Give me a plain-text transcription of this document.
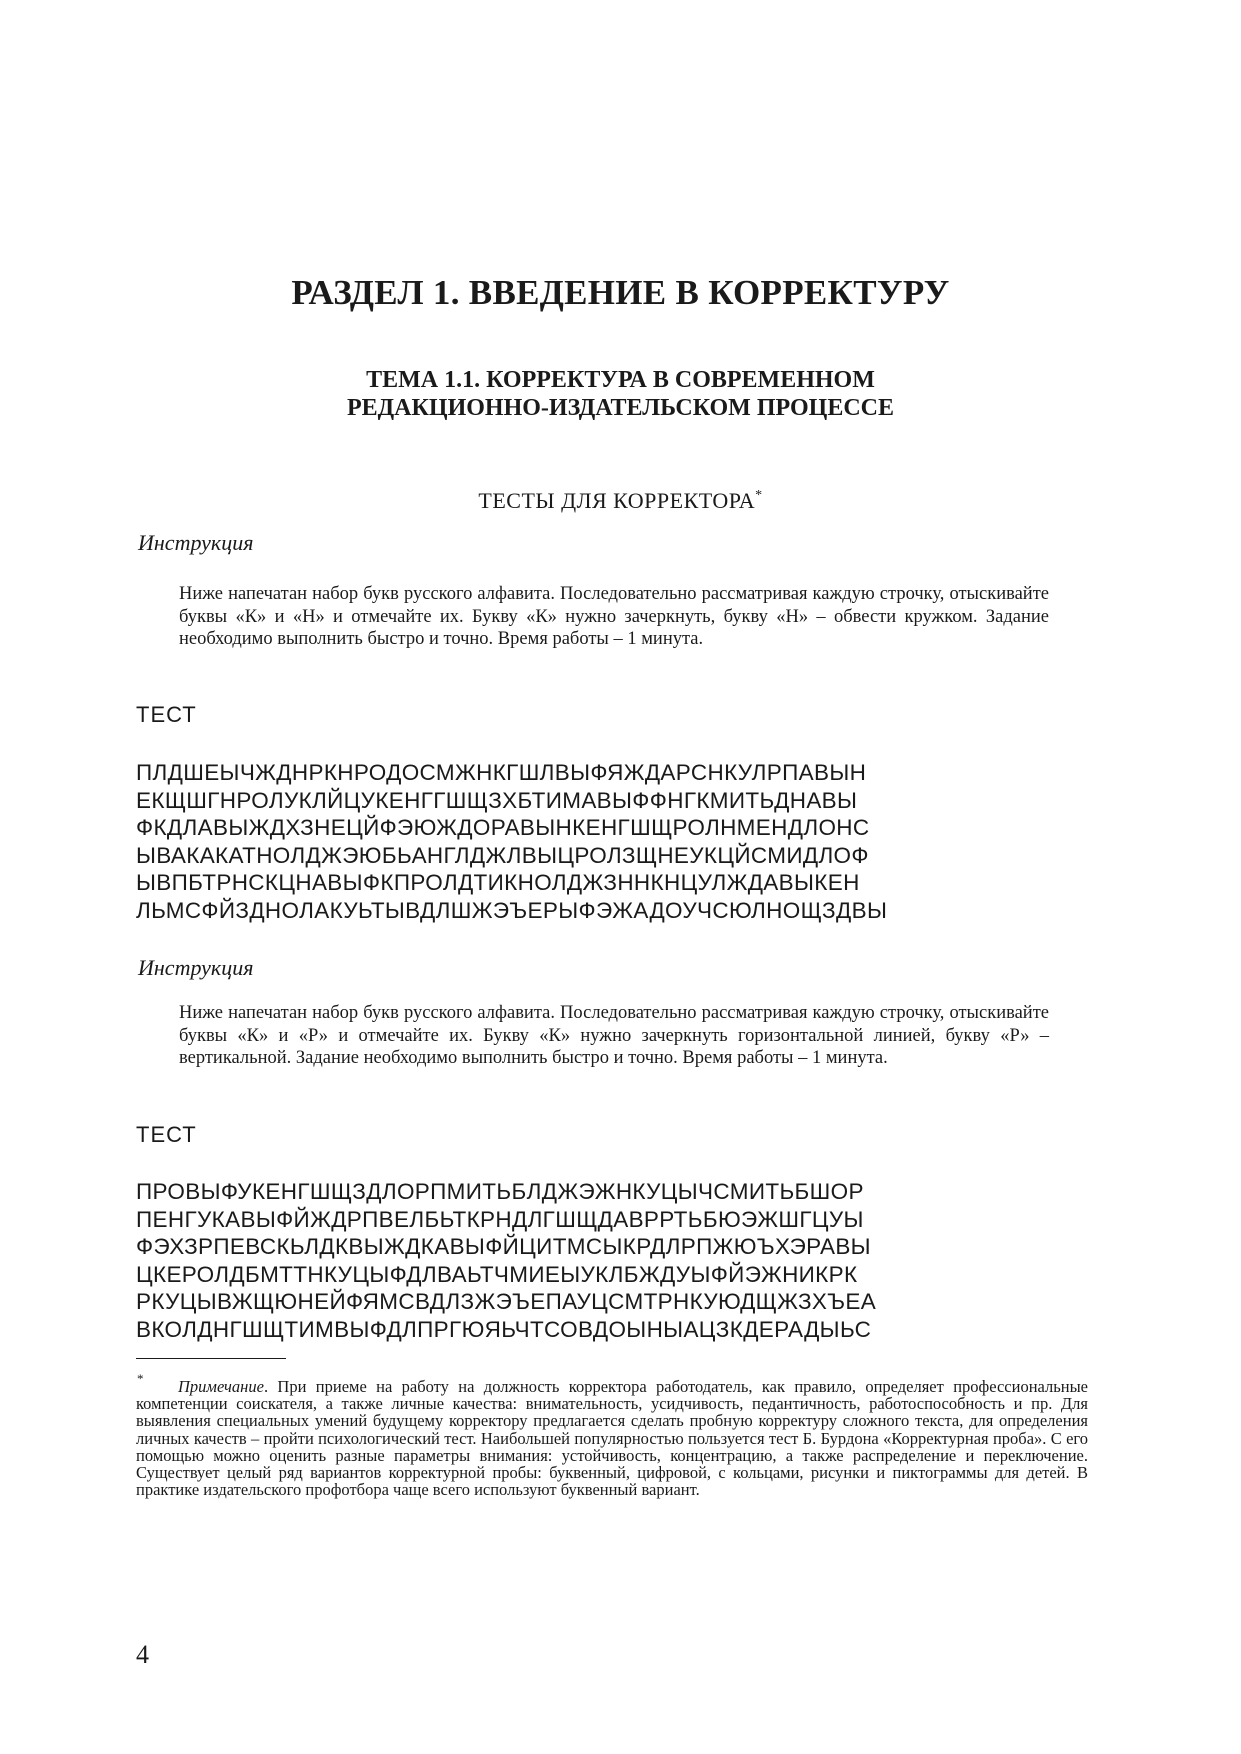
РАЗДЕЛ 1. ВВЕДЕНИЕ В КОРРЕКТУРУ
ТЕМА 1.1. КОРРЕКТУРА В СОВРЕМЕННОМ
РЕДАКЦИОННО-ИЗДАТЕЛЬСКОМ ПРОЦЕССЕ
ТЕСТЫ ДЛЯ КОРРЕКТОРА*
Инструкция
Ниже напечатан набор букв русского алфавита. Последовательно рассматривая каждую строчку, отыскивайте буквы «К» и «Н» и отмечайте их. Букву «К» нужно зачеркнуть, букву «Н» – обвести кружком. Задание необходимо выполнить быстро и точно. Время работы – 1 минута.
ТЕСТ
ПЛДШЕЫЧЖДНРКНРОДОСМЖНКГШЛВЫФЯЖДАРСНКУЛРПАВЫН
ЕКЩШГНРОЛУКЛЙЦУКЕНГГШЩЗХБТИМАВЫФФНГКМИТЬДНАВЫ
ФКДЛАВЫЖДХЗНЕЦЙФЭЮЖДОРАВЫНКЕНГШЩРОЛНМЕНДЛОНС
ЫВАКАКАТНОЛДЖЭЮБЬАНГЛДЖЛВЫЦРОЛЗЩНЕУКЦЙСМИДЛОФ
ЫВПБТРНСКЦНАВЫФКПРОЛДТИКНОЛДЖЗННКНЦУЛЖДАВЫКЕН
ЛЬМСФЙЗДНОЛАКУЬТЫВДЛШЖЭЪЕРЫФЭЖАДОУЧСЮЛНОЩЗДВЫ
Инструкция
Ниже напечатан набор букв русского алфавита. Последовательно рассматривая каждую строчку, отыскивайте буквы «К» и «Р» и отмечайте их. Букву «К» нужно зачеркнуть горизонтальной линией, букву «Р» – вертикальной. Задание необходимо выполнить быстро и точно. Время работы – 1 минута.
ТЕСТ
ПРОВЫФУКЕНГШЩЗДЛОРПМИТЬБЛДЖЭЖНКУЦЫЧСМИТЬБШОР
ПЕНГУКАВЫФЙЖДРПВЕЛБЬТКРНДЛГШЩДАВРРТЬБЮЭЖШГЦУЫ
ФЭХЗРПЕВСКЬЛДКВЫЖДКАВЫФЙЦИТМСЫКРДЛРПЖЮЪХЭРАВЫ
ЦКЕРОЛДБМТТНКУЦЫФДЛВАЬТЧМИЕЫУКЛБЖДУЫФЙЭЖНИКРК
РКУЦЫВЖЩЮНЕЙФЯМСВДЛЗЖЭЪЕПАУЦСМТРНКУЮДЩЖЗХЪЕА
ВКОЛДНГШЩТИМВЫФДЛПРГЮЯЬЧТСОВДОЫНЫАЦЗКДЕРАДЫЬС
*	Примечание. При приеме на работу на должность корректора работодатель, как правило, определяет профессиональные компетенции соискателя, а также личные качества: внимательность, усидчивость, педантичность, работоспособность и пр. Для выявления специальных умений будущему корректору предлагается сделать пробную корректуру сложного текста, для определения личных качеств – пройти психологический тест. Наибольшей популярностью пользуется тест Б. Бурдона «Корректурная проба». С его помощью можно оценить разные параметры внимания: устойчивость, концентрацию, а также распределение и переключение. Существует целый ряд вариантов корректурной пробы: буквенный, цифровой, с кольцами, рисунки и пиктограммы для детей. В практике издательского профотбора чаще всего используют буквенный вариант.
4
